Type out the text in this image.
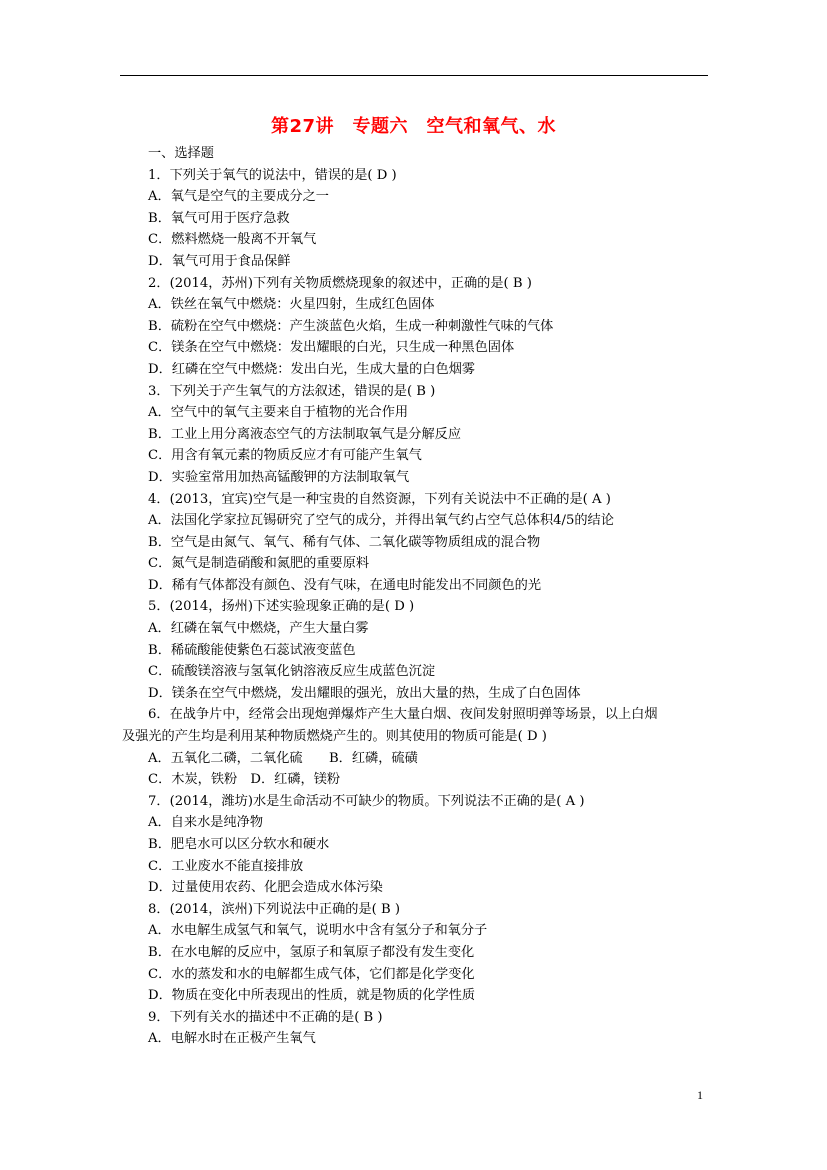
第27讲　专题六　空气和氧气、水
一、选择题
1．下列关于氧气的说法中，错误的是( D )
A．氧气是空气的主要成分之一
B．氧气可用于医疗急救
C．燃料燃烧一般离不开氧气
D．氧气可用于食品保鲜
2．(2014，苏州)下列有关物质燃烧现象的叙述中，正确的是( B )
A．铁丝在氧气中燃烧：火星四射，生成红色固体
B．硫粉在空气中燃烧：产生淡蓝色火焰，生成一种刺激性气味的气体
C．镁条在空气中燃烧：发出耀眼的白光，只生成一种黑色固体
D．红磷在空气中燃烧：发出白光，生成大量的白色烟雾
3．下列关于产生氧气的方法叙述，错误的是( B )
A．空气中的氧气主要来自于植物的光合作用
B．工业上用分离液态空气的方法制取氧气是分解反应
C．用含有氧元素的物质反应才有可能产生氧气
D．实验室常用加热高锰酸钾的方法制取氧气
4．(2013，宜宾)空气是一种宝贵的自然资源，下列有关说法中不正确的是( A )
A．法国化学家拉瓦锡研究了空气的成分，并得出氧气约占空气总体积4/5的结论
B．空气是由氮气、氧气、稀有气体、二氧化碳等物质组成的混合物
C．氮气是制造硝酸和氮肥的重要原料
D．稀有气体都没有颜色、没有气味，在通电时能发出不同颜色的光
5．(2014，扬州)下述实验现象正确的是( D )
A．红磷在氧气中燃烧，产生大量白雾
B．稀硫酸能使紫色石蕊试液变蓝色
C．硫酸镁溶液与氢氧化钠溶液反应生成蓝色沉淀
D．镁条在空气中燃烧，发出耀眼的强光，放出大量的热，生成了白色固体
6．在战争片中，经常会出现炮弹爆炸产生大量白烟、夜间发射照明弹等场景，以上白烟
及强光的产生均是利用某种物质燃烧产生的。则其使用的物质可能是( D )
A．五氧化二磷，二氧化硫　　B．红磷，硫磺
C．木炭，铁粉　D．红磷，镁粉
7．(2014，潍坊)水是生命活动不可缺少的物质。下列说法不正确的是( A )
A．自来水是纯净物
B．肥皂水可以区分软水和硬水
C．工业废水不能直接排放
D．过量使用农药、化肥会造成水体污染
8．(2014，滨州)下列说法中正确的是( B )
A．水电解生成氢气和氧气，说明水中含有氢分子和氧分子
B．在水电解的反应中，氢原子和氧原子都没有发生变化
C．水的蒸发和水的电解都生成气体，它们都是化学变化
D．物质在变化中所表现出的性质，就是物质的化学性质
9．下列有关水的描述中不正确的是( B )
A．电解水时在正极产生氧气
1
